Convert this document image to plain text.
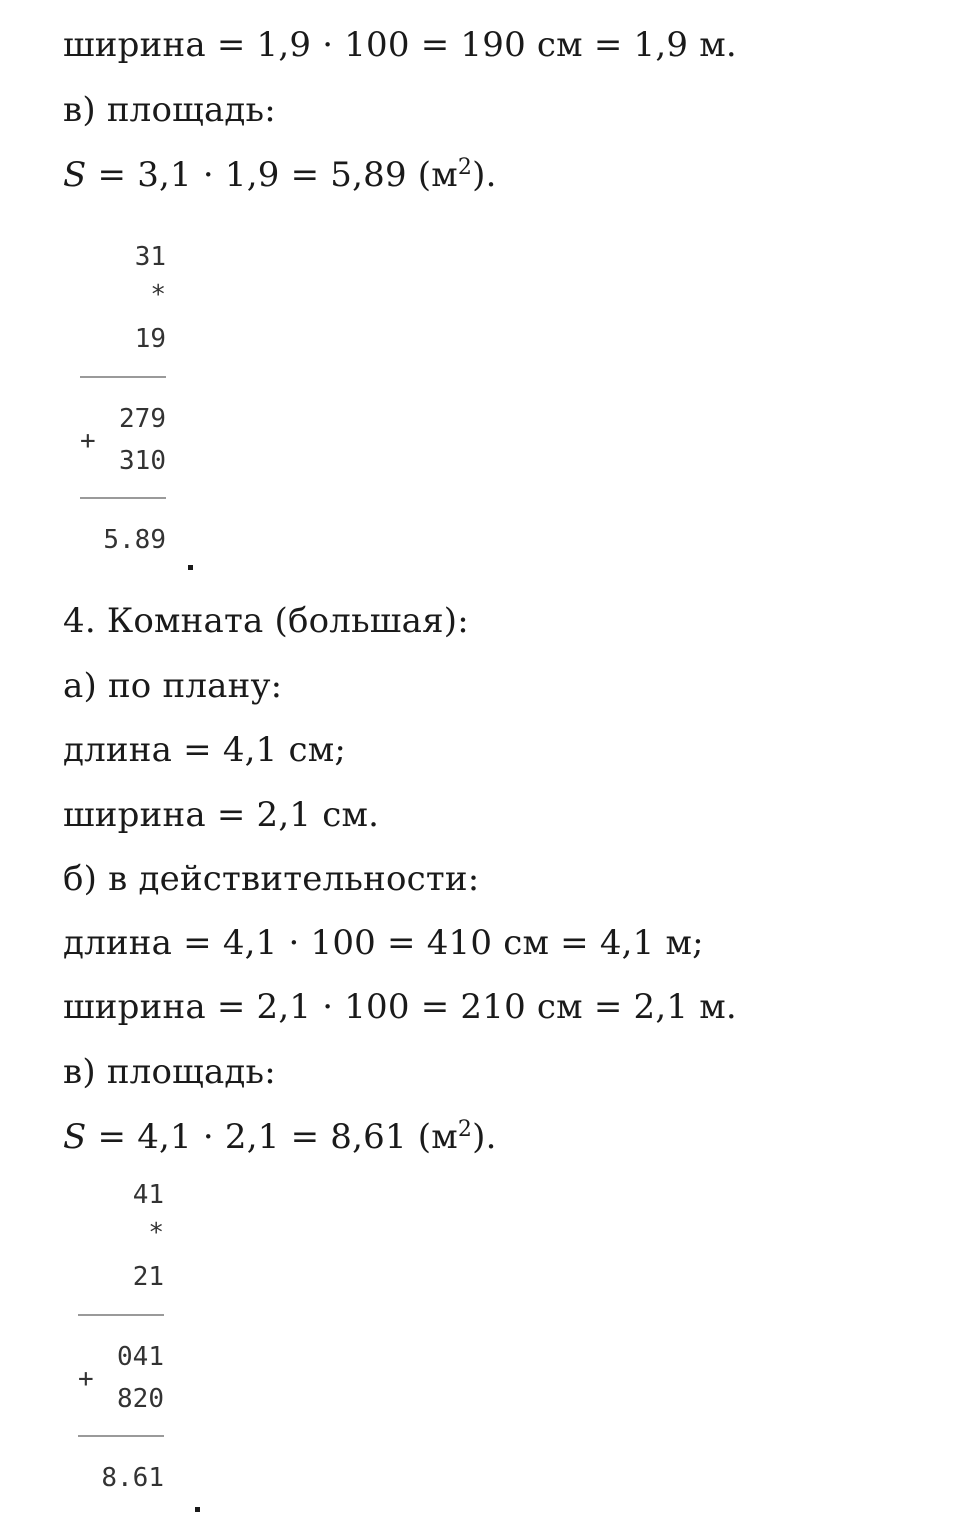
ширина = 1,9 · 100 = 190 см = 1,9 м.
в) площадь:
S = 3,1 · 1,9 = 5,89 $(м^2)$.
31
*
19
279
+
310
5.89
4. Комната (большая):
а) по плану:
длина = 4,1 см;
ширина = 2,1 см.
б) в действительности:
длина = 4,1 · 100 = 410 см = 4,1 м;
ширина = 2,1 · 100 = 210 см = 2,1 м.
в) площадь:
S = 4,1 · 2,1 = 8,61 $(м^2)$.
41
*
21
041
+
820
8.61
